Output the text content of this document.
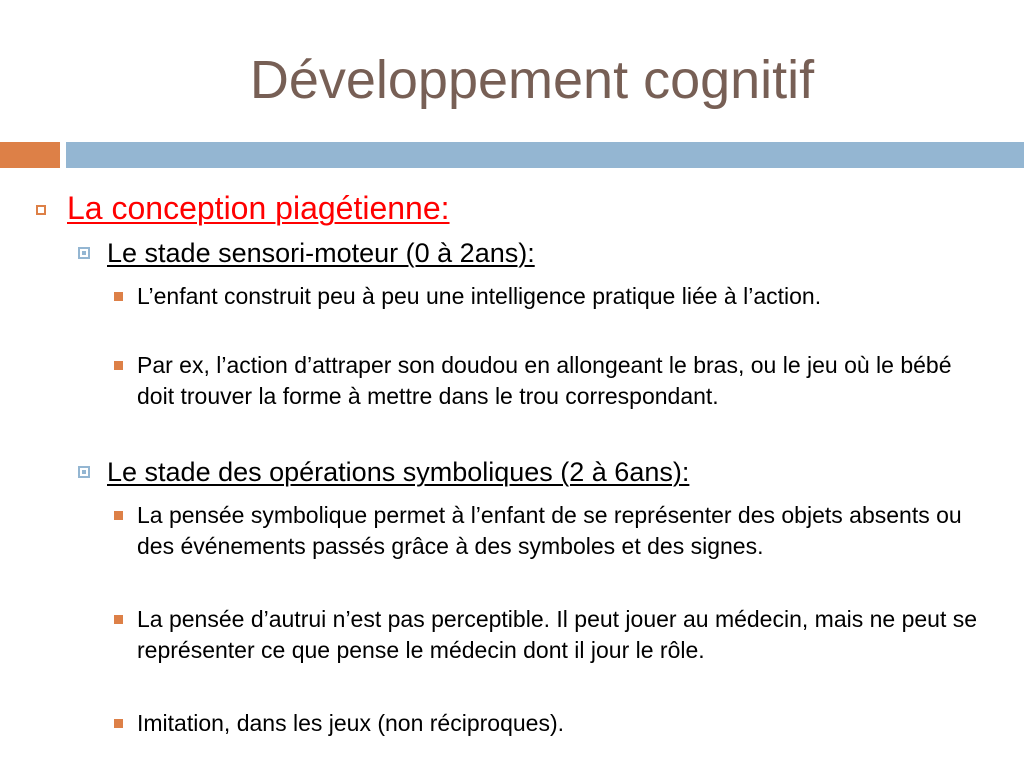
Développement cognitif
La conception piagétienne:
Le stade sensori-moteur (0 à 2ans):
L’enfant construit peu à peu une intelligence pratique liée à l’action.
Par ex, l’action d’attraper son doudou en allongeant le bras, ou le jeu où le bébé doit trouver la forme à mettre dans le trou correspondant.
Le stade des opérations symboliques (2 à 6ans):
La pensée symbolique permet à l’enfant de se représenter des objets absents ou des événements passés grâce à des symboles et des signes.
La pensée d’autrui n’est pas perceptible. Il peut jouer au médecin, mais ne peut se représenter ce que pense le médecin dont il jour le rôle.
Imitation, dans les jeux (non réciproques).
